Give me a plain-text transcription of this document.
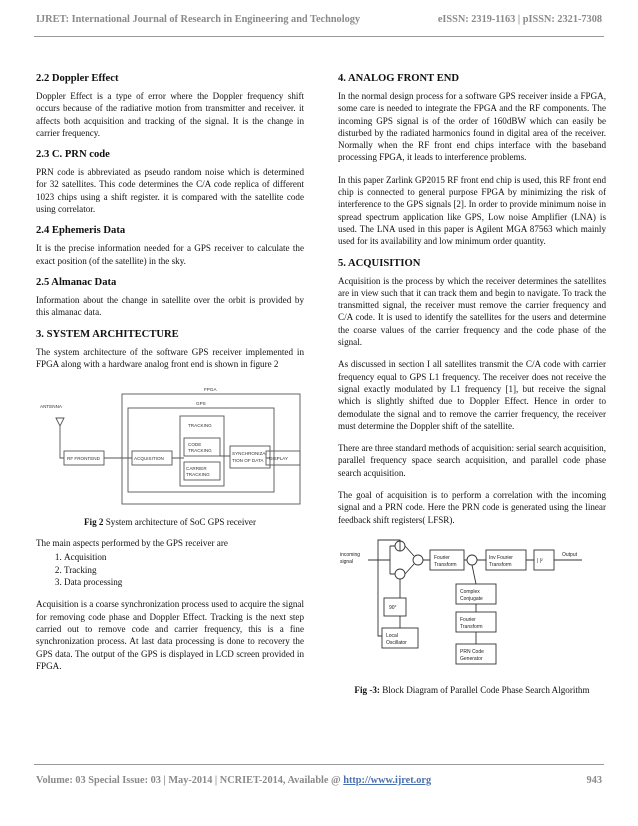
IJRET: International Journal of Research in Engineering and Technology	eISSN: 2319-1163 | pISSN: 2321-7308
2.2 Doppler Effect

Doppler Effect is a type of error where the Doppler frequency shift occurs because of the radiative motion from transmitter and receiver. it affects both acquisition and tracking of the signal. It is the change in carrier frequency.

2.3 C. PRN code

PRN code is abbreviated as pseudo random noise which is determined for 32 satellites. This code determines the C/A code replica of different 1023 chips using a shift register. it is compared with the satellite code using correlator.

2.4 Ephemeris Data

It is the precise information needed for a GPS receiver to calculate the exact position (of the satellite) in the sky.

2.5 Almanac Data

Information about the change in satellite over the orbit is provided by this almanac data.

3. SYSTEM ARCHITECTURE

The system architecture of the software GPS receiver implemented in FPGA along with a hardware analog front end is shown in figure 2

ANTENNA
FPGA
GPS
RF FRONTEND	ACQUISITION
TRACKING
CODE
TRACKING
CARRIER
TRACKING
SYNCHRONIZA-
TION OF DATA DISPLAY
Fig 2 System architecture of SoC GPS receiver

The main aspects performed by the GPS receiver are

1. Acquisition
2. Tracking
3. Data processing

Acquisition is a coarse synchronization process used to acquire the signal for removing code phase and Doppler Effect. Tracking is the next step carried out to remove code and carrier frequency, this is a fine synchronization process. At last data processing is done to recovery the GPS data. The output of the GPS is displayed in LCD screen provided in FPGA.

4. ANALOG FRONT END

In the normal design process for a software GPS receiver inside a FPGA, some care is needed to integrate the FPGA and the RF components. The incoming GPS signal is of the order of 160dBW which can easily be disturbed by the radiated harmonics found in digital area of the receiver. Normally when the RF front end chips interface with the baseband processing FPGA, it leads to interference problems.

In this paper Zarlink GP2015 RF front end chip is used, this RF front end chip is connected to general purpose FPGA by minimizing the risk of interference to the GPS signals [2]. In order to provide minimum noise in spread spectrum application like GPS, Low noise Amplifier (LNA) is used. The LNA used in this paper is Agilent MGA 87563 which mainly used for its availability and low minimum order quantity.

5. ACQUISITION

Acquisition is the process by which the receiver determines the satellites are in view such that it can track them and begin to navigate. To track the transmitted signal, the receiver must remove the carrier frequency and C/A code. It is used to identify the satellites for the users and determine the coarse values of the carrier frequency and the code phase of the signal.

As discussed in section I all satellites transmit the C/A code with carrier frequency equal to GPS L1 frequency. The receiver does not receive the signal exactly modulated by L1 frequency [1], but receive the signal which is slightly shifted due to Doppler Effect. Hence in order to demodulate the signal and to remove the carrier frequency, the receiver must determine the Doppler shift of the satellite.

There are three standard methods of acquisition: serial search acquisition, parallel frequency space search acquisition, and parallel code phase search acquisition.

The goal of acquisition is to perform a correlation with the incoming signal and a PRN code. Here the PRN code is generated using the linear feedback shift registers( LFSR).

incoming
signal
Fourier
Transform
Inv Fourier
Transform
| |²
Output
Complex
Conjugate
Fourier
Transform
90°
Local
Oscillator
PRN Code
Generator
Fig -3: Block Diagram of Parallel Code Phase Search Algorithm
Volume: 03 Special Issue: 03 | May-2014 | NCRIET-2014, Available @ http://www.ijret.org	943
